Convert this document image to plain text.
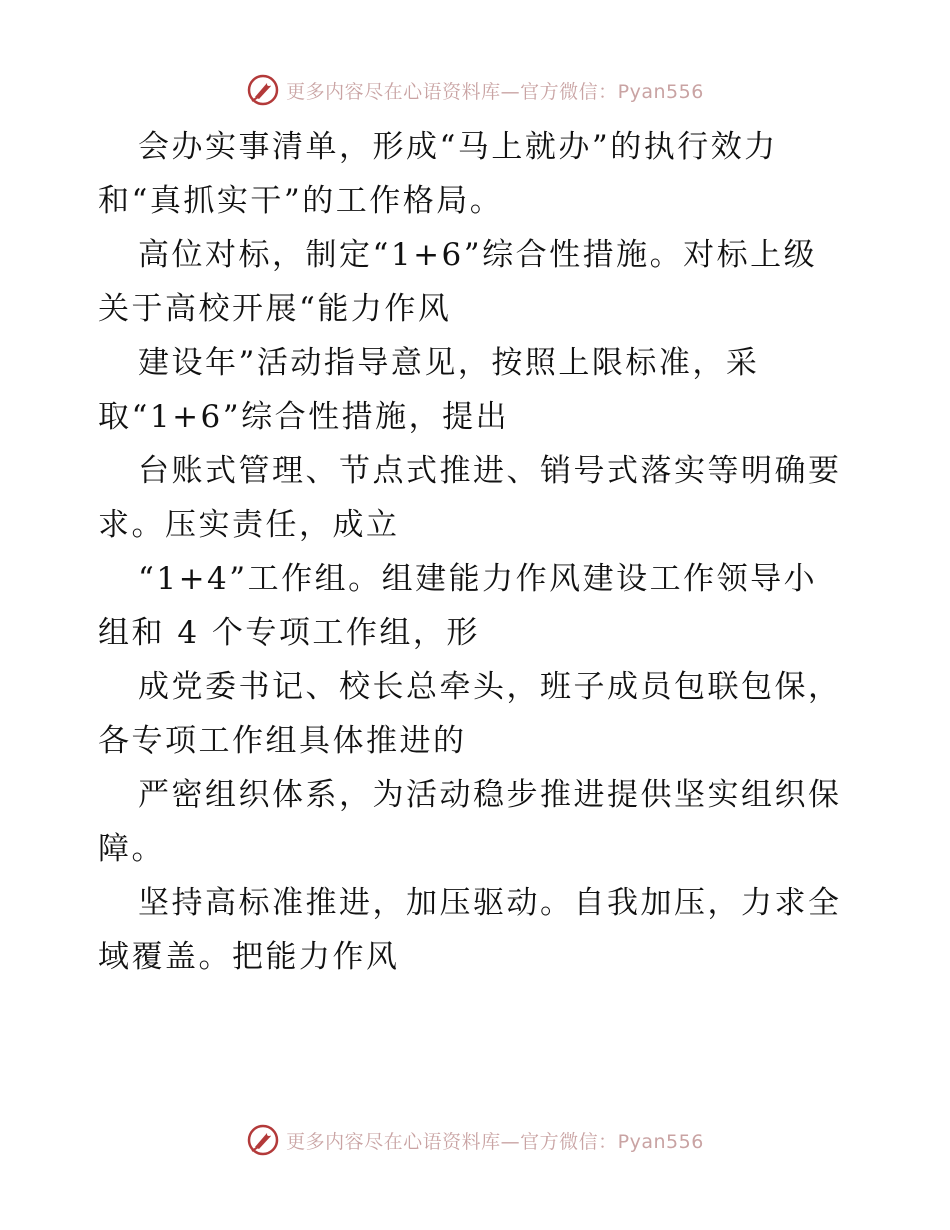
更多内容尽在心语资料库—官方微信：Pyan556
会办实事清单，形成“马上就办”的执行效力
和“真抓实干”的工作格局。
高位对标，制定“1+6”综合性措施。对标上级
关于高校开展“能力作风
建设年”活动指导意见，按照上限标准，采
取“1+6”综合性措施，提出
台账式管理、节点式推进、销号式落实等明确要
求。压实责任，成立
“1+4”工作组。组建能力作风建设工作领导小
组和 4 个专项工作组，形
成党委书记、校长总牵头，班子成员包联包保，
各专项工作组具体推进的
严密组织体系，为活动稳步推进提供坚实组织保
障。
坚持高标准推进，加压驱动。自我加压，力求全
域覆盖。把能力作风
更多内容尽在心语资料库—官方微信：Pyan556
